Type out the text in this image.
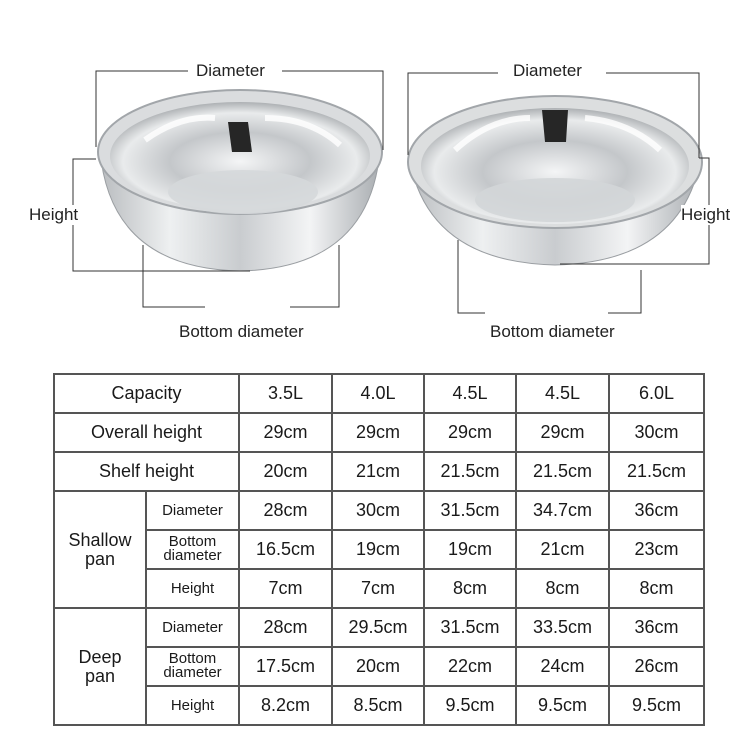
Diameter
Height
Bottom diameter
Diameter
Height
Bottom diameter
Capacity		3.5L	4.0L	4.5L	4.5L	6.0L
Overall height		29cm	29cm	29cm	29cm	30cm
Shelf height		20cm	21cm	21.5cm	21.5cm	21.5cm
Shallow pan	Diameter	28cm	30cm	31.5cm	34.7cm	36cm
	Bottom diameter	16.5cm	19cm	19cm	21cm	23cm
	Height	7cm	7cm	8cm	8cm	8cm
Deep pan	Diameter	28cm	29.5cm	31.5cm	33.5cm	36cm
	Bottom diameter	17.5cm	20cm	22cm	24cm	26cm
	Height	8.2cm	8.5cm	9.5cm	9.5cm	9.5cm
